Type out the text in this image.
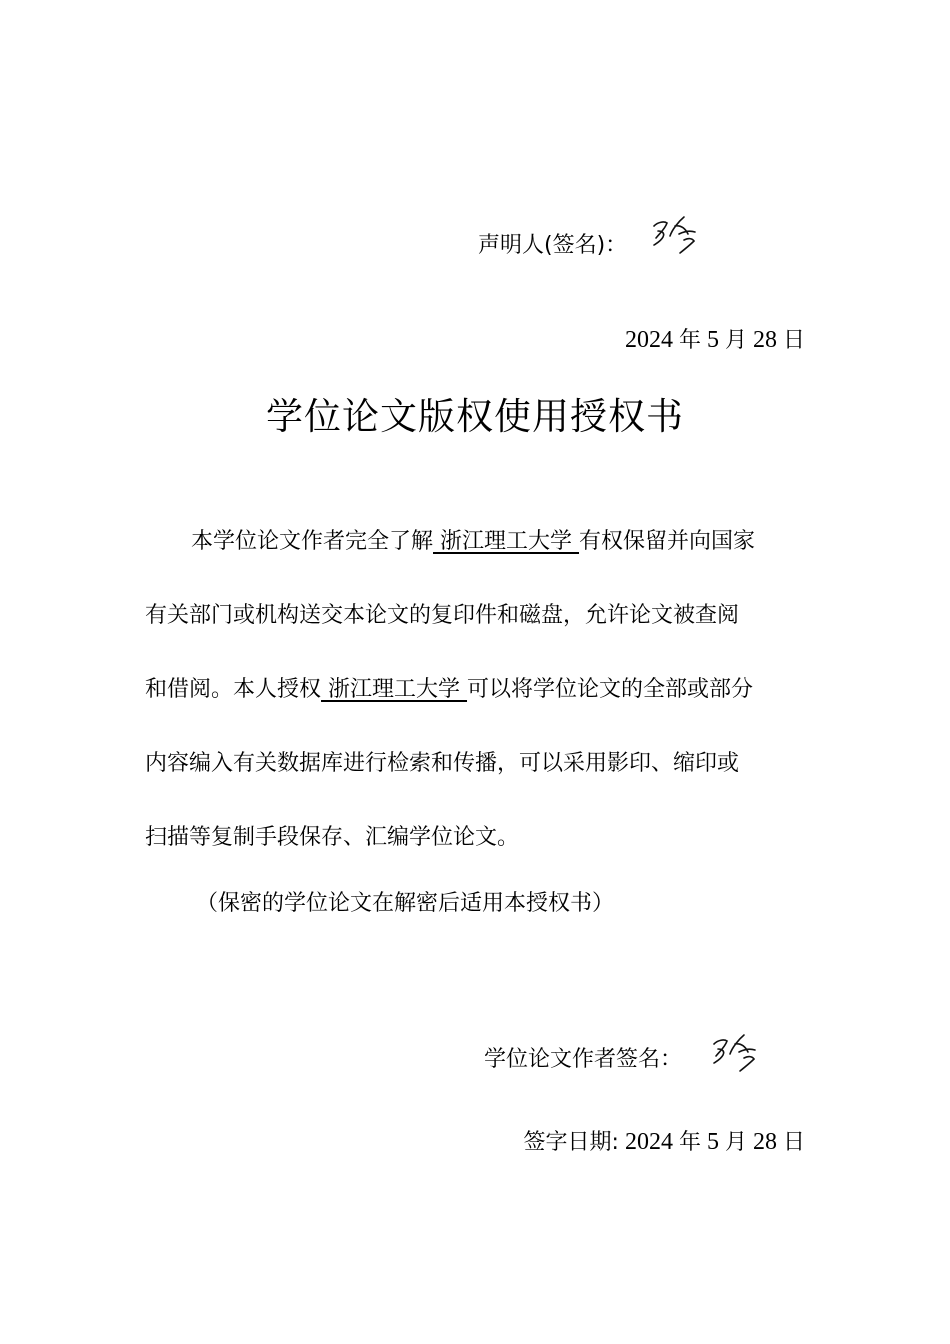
声明人(签名)：
2024 年 5 月 28 日
学位论文版权使用授权书
本学位论文作者完全了解 浙江理工大学 有权保留并向国家
有关部门或机构送交本论文的复印件和磁盘，允许论文被查阅
和借阅。本人授权 浙江理工大学 可以将学位论文的全部或部分
内容编入有关数据库进行检索和传播，可以采用影印、缩印或
扫描等复制手段保存、汇编学位论文。
（保密的学位论文在解密后适用本授权书）
学位论文作者签名：
签字日期: 2024 年 5 月 28 日
